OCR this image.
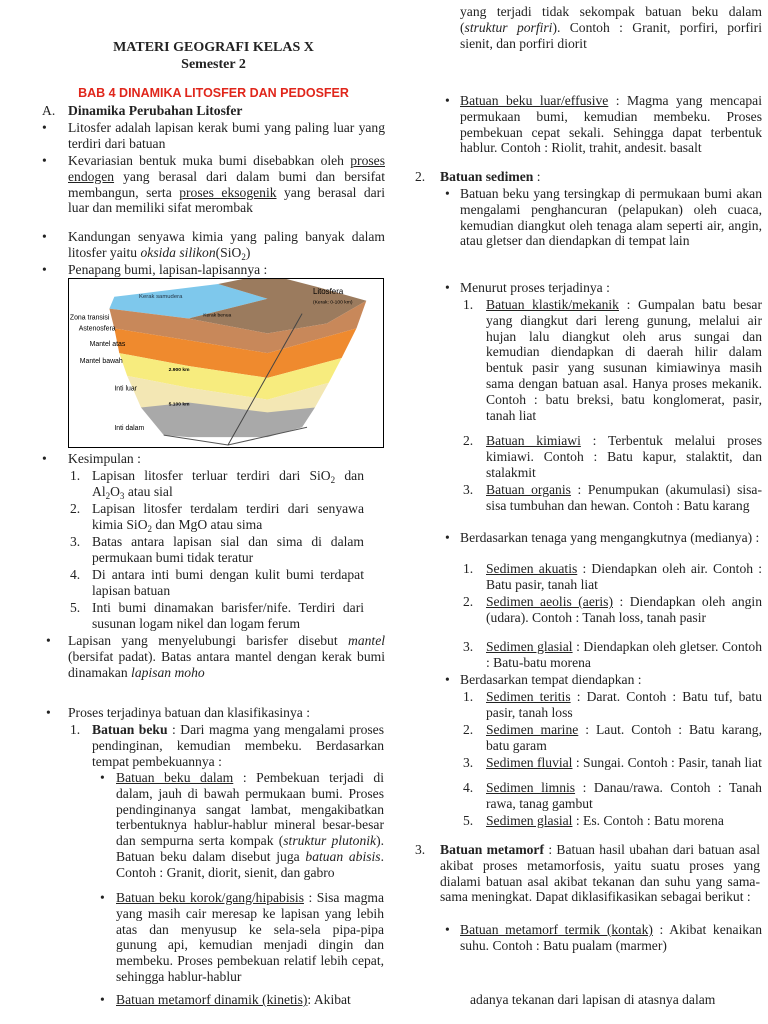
Kerak samudera
Litosfera
(Kerak: 0-100 km)
Kerak benua
Zona transisi
Astenosfera
Mantel atas
Mantel bawah
2.900 km
Inti luar
5.100 km
Inti dalam
MATERI GEOGRAFI KELAS X
Semester 2
BAB 4 DINAMIKA LITOSFER DAN PEDOSFER
A. Dinamika Perubahan Litosfer
• Litosfer adalah lapisan kerak bumi yang paling luar yang terdiri dari batuan
• Kevariasian bentuk muka bumi disebabkan oleh proses endogen yang berasal dari dalam bumi dan bersifat membangun, serta proses eksogenik yang berasal dari luar dan memiliki sifat merombak
• Kandungan senyawa kimia yang paling banyak dalam litosfer yaitu oksida silikon(SiO$_2$)
• Penapang bumi, lapisan-lapisannya :
• Kesimpulan :
1. Lapisan litosfer terluar terdiri dari SiO$_2$ dan $Al_2O_3$ atau sial
2. Lapisan litosfer terdalam terdiri dari senyawa kimia SiO$_2$ dan MgO atau sima
3. Batas antara lapisan sial dan sima di dalam permukaan bumi tidak teratur
4. Di antara inti bumi dengan kulit bumi terdapat lapisan batuan
5. Inti bumi dinamakan barisfer/nife. Terdiri dari susunan logam nikel dan logam ferum
• Lapisan yang menyelubungi barisfer disebut mantel (bersifat padat). Batas antara mantel dengan kerak bumi dinamakan lapisan moho
• Proses terjadinya batuan dan klasifikasinya :
1. Batuan beku : Dari magma yang mengalami proses pendinginan, kemudian membeku. Berdasarkan tempat pembekuannya :
• Batuan beku dalam : Pembekuan terjadi di dalam, jauh di bawah permukaan bumi. Proses pendinginanya sangat lambat, mengakibatkan terbentuknya hablur-hablur mineral besar-besar dan sempurna serta kompak (struktur plutonik). Batuan beku dalam disebut juga batuan abisis. Contoh : Granit, diorit, sienit, dan gabro
• Batuan beku korok/gang/hipabisis : Sisa magma yang masih cair meresap ke lapisan yang lebih atas dan menyusup ke sela-sela pipa-pipa gunung api, kemudian menjadi dingin dan membeku. Proses pembekuan relatif lebih cepat, sehingga hablur-hablur
• Batuan metamorf dinamik (kinetis): Akibat
yang terjadi tidak sekompak batuan beku dalam (struktur porfiri). Contoh : Granit, porfiri, porfiri sienit, dan porfiri diorit
• Batuan beku luar/effusive : Magma yang mencapai permukaan bumi, kemudian membeku. Proses pembekuan cepat sekali. Sehingga dapat terbentuk hablur. Contoh : Riolit, trahit, andesit. basalt
2. Batuan sedimen :
• Batuan beku yang tersingkap di permukaan bumi akan mengalami penghancuran (pelapukan) oleh cuaca, kemudian diangkut oleh tenaga alam seperti air, angin, atau gletser dan diendapkan di tempat lain
• Menurut proses terjadinya :
1. Batuan klastik/mekanik : Gumpalan batu besar yang diangkut dari lereng gunung, melalui air hujan lalu diangkut oleh arus sungai dan kemudian diendapkan di daerah hilir dalam bentuk pasir yang susunan kimiawinya masih sama dengan batuan asal. Hanya proses mekanik. Contoh : batu breksi, batu konglomerat, pasir, tanah liat
2. Batuan kimiawi : Terbentuk melalui proses kimiawi. Contoh : Batu kapur, stalaktit, dan stalakmit
3. Batuan organis : Penumpukan (akumulasi) sisa-sisa tumbuhan dan hewan. Contoh : Batu karang
• Berdasarkan tenaga yang mengangkutnya (medianya) :
1. Sedimen akuatis : Diendapkan oleh air. Contoh : Batu pasir, tanah liat
2. Sedimen aeolis (aeris) : Diendapkan oleh angin (udara). Contoh : Tanah loss, tanah pasir
3. Sedimen glasial : Diendapkan oleh gletser. Contoh : Batu-batu morena
• Berdasarkan tempat diendapkan :
1. Sedimen teritis : Darat. Contoh : Batu tuf, batu pasir, tanah loss
2. Sedimen marine : Laut. Contoh : Batu karang, batu garam
3. Sedimen fluvial : Sungai. Contoh : Pasir, tanah liat
4. Sedimen limnis : Danau/rawa. Contoh : Tanah rawa, tanag gambut
5. Sedimen glasial : Es. Contoh : Batu morena
3. Batuan metamorf : Batuan hasil ubahan dari batuan asal akibat proses metamorfosis, yaitu suatu proses yang dialami batuan asal akibat tekanan dan suhu yang sama-sama meningkat. Dapat diklasifikasikan sebagai berikut :
• Batuan metamorf termik (kontak) : Akibat kenaikan suhu. Contoh : Batu pualam (marmer)
adanya tekanan dari lapisan di atasnya dalam
